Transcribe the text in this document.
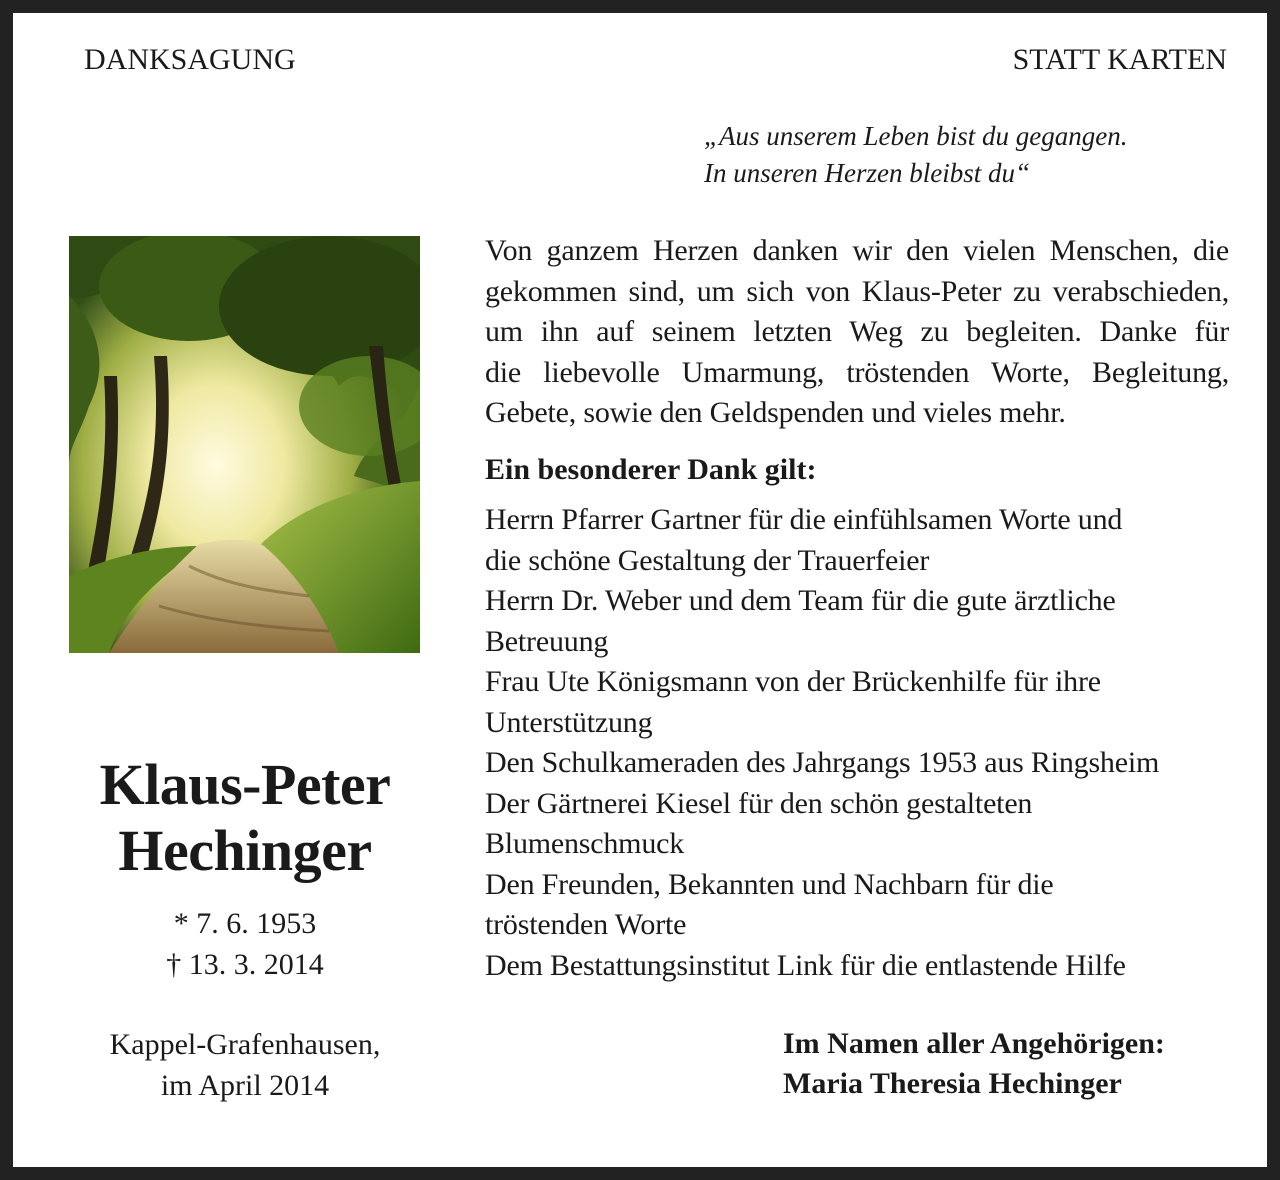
DANKSAGUNG	STATT KARTEN
„Aus unserem Leben bist du gegangen.
In unseren Herzen bleibst du“
Klaus-Peter
Hechinger
* 7. 6. 1953
† 13. 3. 2014
Kappel-Grafenhausen,
im April 2014
Von ganzem Herzen danken wir den vielen Menschen, die
gekommen sind, um sich von Klaus-Peter zu verabschieden,
um ihn auf seinem letzten Weg zu begleiten. Danke für
die liebevolle Umarmung, tröstenden Worte, Begleitung,
Gebete, sowie den Geldspenden und vieles mehr.
Ein besonderer Dank gilt:
Herrn Pfarrer Gartner für die einfühlsamen Worte und
die schöne Gestaltung der Trauerfeier
Herrn Dr. Weber und dem Team für die gute ärztliche
Betreuung
Frau Ute Königsmann von der Brückenhilfe für ihre
Unterstützung
Den Schulkameraden des Jahrgangs 1953 aus Ringsheim
Der Gärtnerei Kiesel für den schön gestalteten
Blumenschmuck
Den Freunden, Bekannten und Nachbarn für die
tröstenden Worte
Dem Bestattungsinstitut Link für die entlastende Hilfe
Im Namen aller Angehörigen:
Maria Theresia Hechinger
